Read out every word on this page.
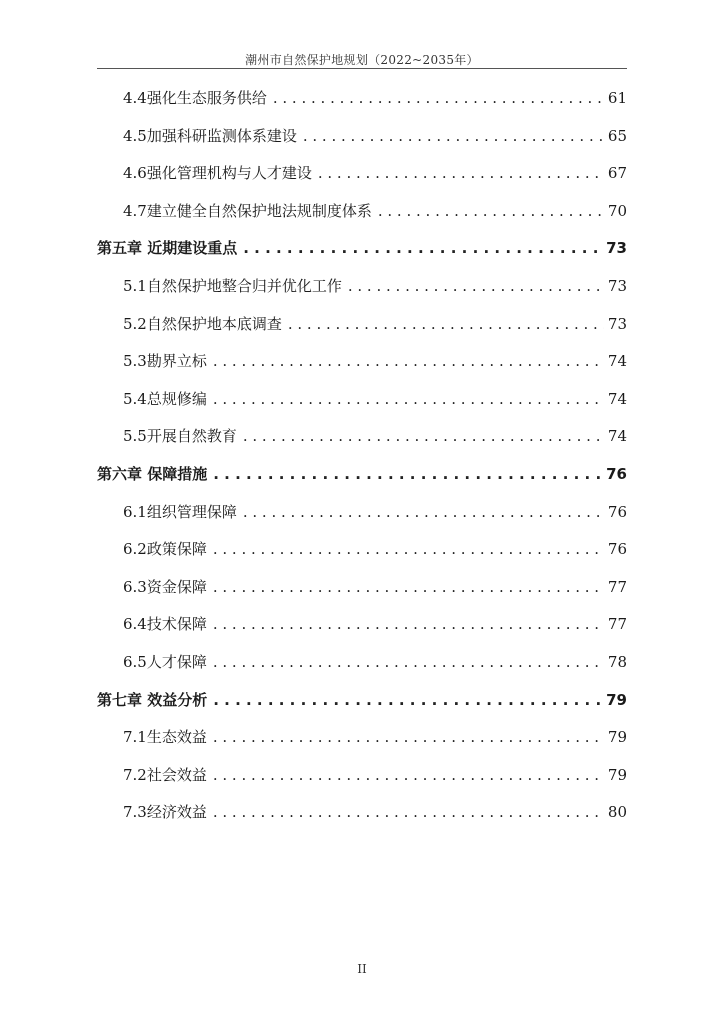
潮州市自然保护地规划（2022~2035年）
4.4强化生态服务供给 . . .	61
4.5加强科研监测体系建设 . . .	65
4.6强化管理机构与人才建设 . . .	67
4.7建立健全自然保护地法规制度体系 . . .	70
第五章 近期建设重点 . . .	73
5.1自然保护地整合归并优化工作 . . .	73
5.2自然保护地本底调查 . . .	73
5.3勘界立标 . . .	74
5.4总规修编 . . .	74
5.5开展自然教育 . . .	74
第六章 保障措施 . . .	76
6.1组织管理保障 . . .	76
6.2政策保障 . . .	76
6.3资金保障 . . .	77
6.4技术保障 . . .	77
6.5人才保障 . . .	78
第七章 效益分析 . . .	79
7.1生态效益 . . .	79
7.2社会效益 . . .	79
7.3经济效益 . . .	80
II
